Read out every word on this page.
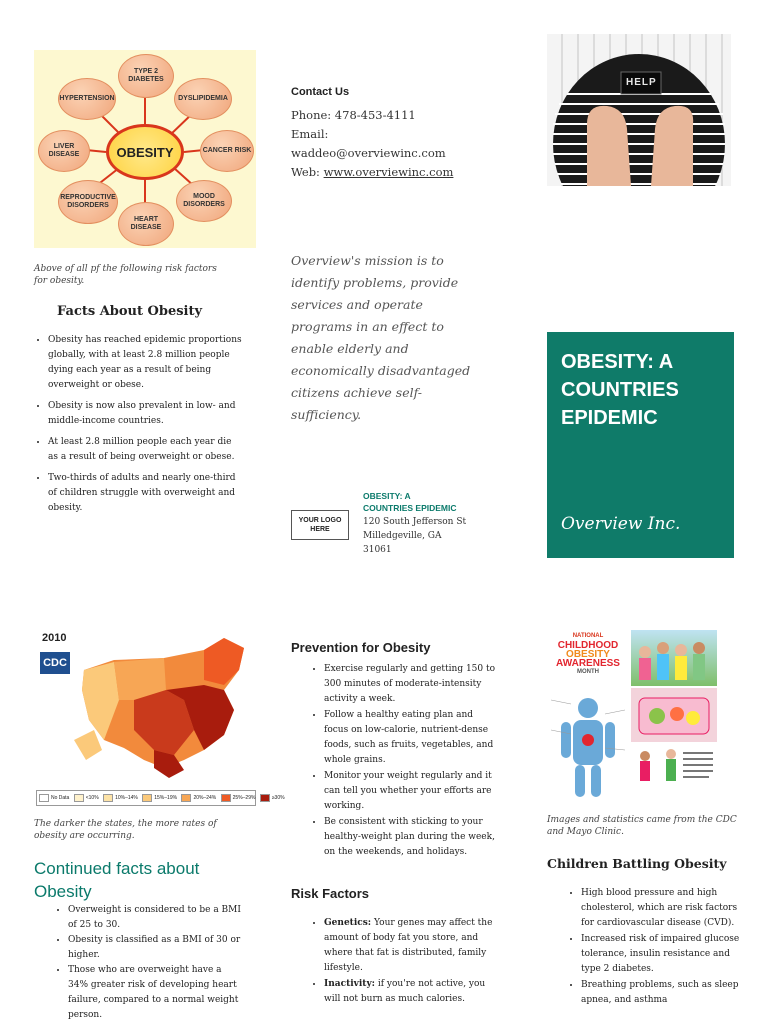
TYPE 2 DIABETES
DYSLIPIDEMIA
CANCER RISK
MOOD DISORDERS
HEART DISEASE
REPRODUCTIVE DISORDERS
LIVER DISEASE
HYPERTENSION
OBESITY
Above of all pf the following risk factors for obesity.
Facts About Obesity
• Obesity has reached epidemic proportions globally, with at least 2.8 million people dying each year as a result of being overweight or obese.
• Obesity is now also prevalent in low- and middle-income countries.
• At least 2.8 million people each year die as a result of being overweight or obese.
• Two-thirds of adults and nearly one-third of children struggle with overweight and obesity.
Contact Us
Phone: 478-453-4111
Email:
waddeo@overviewinc.com
Web: www.overviewinc.com
Overview's mission is to identify problems, provide services and operate programs in an effect to enable elderly and economically disadvantaged citizens achieve self-sufficiency.
YOUR LOGO HERE
OBESITY: A
COUNTRIES EPIDEMIC
120 South Jefferson St
Milledgeville, GA
31061
HELP
OBESITY: A
COUNTRIES
EPIDEMIC
Overview Inc.
2010
CDC
No Data	<10%	10%–14%	15%–19%	20%–24%	25%–29%	≥30%
The darker the states, the more rates of obesity are occurring.
Continued facts about Obesity
• Overweight is considered to be a BMI of 25 to 30.
• Obesity is classified as a BMI of 30 or higher.
• Those who are overweight have a 34% greater risk of developing heart failure, compared to a normal weight person.
Prevention for Obesity
• Exercise regularly and getting 150 to 300 minutes of moderate-intensity activity a week.
• Follow a healthy eating plan and focus on low-calorie, nutrient-dense foods, such as fruits, vegetables, and whole grains.
• Monitor your weight regularly and it can tell you whether your efforts are working.
• Be consistent with sticking to your healthy-weight plan during the week, on the weekends, and holidays.
Risk Factors
• Genetics: Your genes may affect the amount of body fat you store, and where that fat is distributed, family lifestyle.
• Inactivity: if you're not active, you will not burn as much calories.
NATIONAL
CHILDHOOD
OBESITY
AWARENESS
MONTH
Images and statistics came from the CDC and Mayo Clinic.
Children Battling Obesity
• High blood pressure and high cholesterol, which are risk factors for cardiovascular disease (CVD).
• Increased risk of impaired glucose tolerance, insulin resistance and type 2 diabetes.
• Breathing problems, such as sleep apnea, and asthma
